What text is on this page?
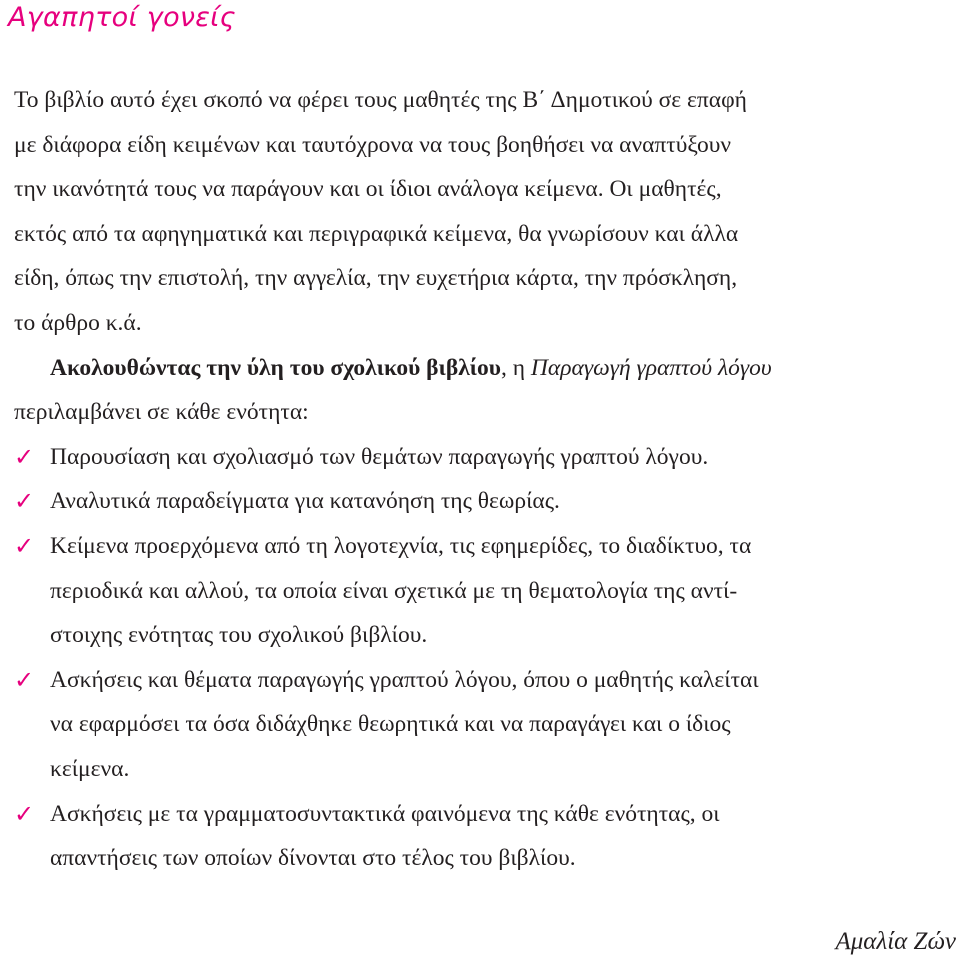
Αγαπητοί γονείς
Το βιβλίο αυτό έχει σκοπό να φέρει τους μαθητές της Β΄ Δημοτικού σε επαφή
με διάφορα είδη κειμένων και ταυτόχρονα να τους βοηθήσει να αναπτύξουν
την ικανότητά τους να παράγουν και οι ίδιοι ανάλογα κείμενα. Οι μαθητές,
εκτός από τα αφηγηματικά και περιγραφικά κείμενα, θα γνωρίσουν και άλλα
είδη, όπως την επιστολή, την αγγελία, την ευχετήρια κάρτα, την πρόσκληση,
το άρθρο κ.ά.
Ακολουθώντας την ύλη του σχολικού βιβλίου, η Παραγωγή γραπτού λόγου
περιλαμβάνει σε κάθε ενότητα:
✓ Παρουσίαση και σχολιασμό των θεμάτων παραγωγής γραπτού λόγου.
✓ Αναλυτικά παραδείγματα για κατανόηση της θεωρίας.
✓ Κείμενα προερχόμενα από τη λογοτεχνία, τις εφημερίδες, το διαδίκτυο, τα
περιοδικά και αλλού, τα οποία είναι σχετικά με τη θεματολογία της αντί-
στοιχης ενότητας του σχολικού βιβλίου.
✓ Ασκήσεις και θέματα παραγωγής γραπτού λόγου, όπου ο μαθητής καλείται
να εφαρμόσει τα όσα διδάχθηκε θεωρητικά και να παραγάγει και ο ίδιος
κείμενα.
✓ Ασκήσεις με τα γραμματοσυντακτικά φαινόμενα της κάθε ενότητας, οι
απαντήσεις των οποίων δίνονται στο τέλος του βιβλίου.
Αμαλία Ζών
